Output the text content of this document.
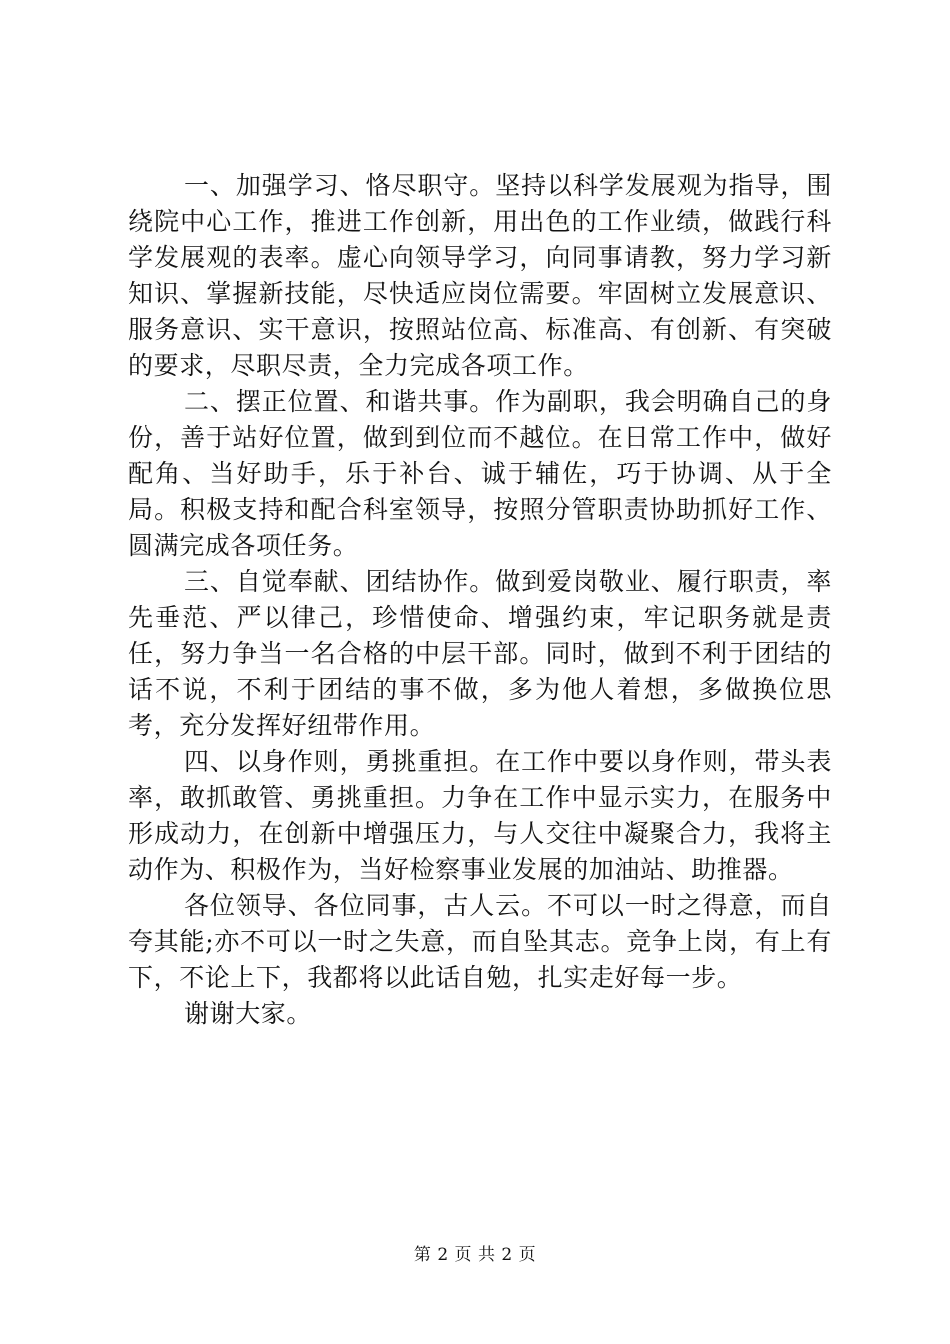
一、加强学习、恪尽职守。坚持以科学发展观为指导，围绕院中心工作，推进工作创新，用出色的工作业绩，做践行科学发展观的表率。虚心向领导学习，向同事请教，努力学习新知识、掌握新技能，尽快适应岗位需要。牢固树立发展意识、服务意识、实干意识，按照站位高、标准高、有创新、有突破的要求，尽职尽责，全力完成各项工作。

二、摆正位置、和谐共事。作为副职，我会明确自己的身份，善于站好位置，做到到位而不越位。在日常工作中，做好配角、当好助手，乐于补台、诚于辅佐，巧于协调、从于全局。积极支持和配合科室领导，按照分管职责协助抓好工作、圆满完成各项任务。

三、自觉奉献、团结协作。做到爱岗敬业、履行职责，率先垂范、严以律己，珍惜使命、增强约束，牢记职务就是责任，努力争当一名合格的中层干部。同时，做到不利于团结的话不说，不利于团结的事不做，多为他人着想，多做换位思考，充分发挥好纽带作用。

四、以身作则，勇挑重担。在工作中要以身作则，带头表率，敢抓敢管、勇挑重担。力争在工作中显示实力，在服务中形成动力，在创新中增强压力，与人交往中凝聚合力，我将主动作为、积极作为，当好检察事业发展的加油站、助推器。

各位领导、各位同事，古人云。不可以一时之得意，而自夸其能;亦不可以一时之失意，而自坠其志。竞争上岗，有上有下，不论上下，我都将以此话自勉，扎实走好每一步。

谢谢大家。

第 2 页 共 2 页
